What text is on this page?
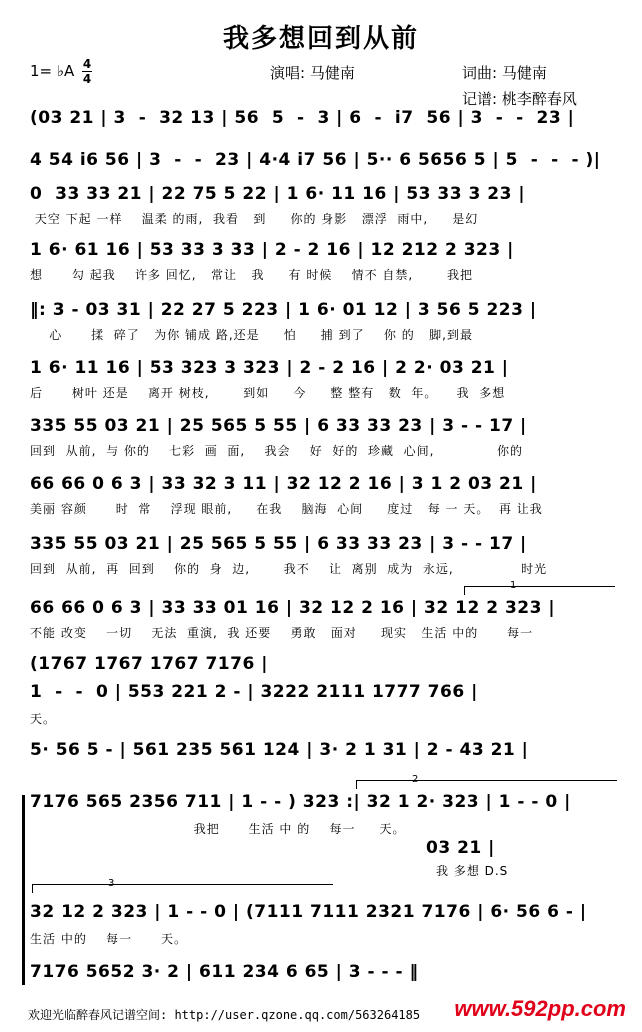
我多想回到从前
1= ♭A 4
4	演唱: 马健南	词曲: 马健南
记谱: 桃李醉春风
(03 21 | 3  -  32 13 | 56  5  -  3 | 6  -  i7  56 | 3  -  -  23 |
4 54 i6 56 | 3  -  -  23 | 4·4 i7 56 | 5·· 6 5656 5 | 5  -  -  - )|
0  33 33 21 | 22 75 5 22 | 1 6· 11 16 | 53 33 3 23 |
天空 下起 一样    温柔 的雨,  我看   到     你的 身影   漂浮  雨中,     是幻
1 6· 61 16 | 53 33 3 33 | 2 - 2 16 | 12 212 2 323 |
想      勾 起我    许多 回忆,   常让   我     有 时候    情不 自禁,       我把
‖: 3 - 03 31 | 22 27 5 223 | 1 6· 01 12 | 3 56 5 223 |
心      揉  碎了   为你 铺成 路,还是     怕     捕 到了    你 的   脚,到最
1 6· 11 16 | 53 323 3 323 | 2 - 2 16 | 2 2· 03 21 |
后      树叶 还是    离开 树枝,       到如     今     整 整有   数  年。    我  多想
335 55 03 21 | 25 565 5 55 | 6 33 33 23 | 3 - - 17 |
回到  从前,  与 你的    七彩  画  面,    我会    好  好的  珍藏  心间,             你的
66 66 0 6 3 | 33 32 3 11 | 32 12 2 16 | 3 1 2 03 21 |
美丽 容颜      时  常    浮现 眼前,     在我    脑海  心间     度过   每 一 天。  再 让我
335 55 03 21 | 25 565 5 55 | 6 33 33 23 | 3 - - 17 |
回到  从前,  再  回到    你的  身  边,       我不    让  离别  成为  永远,              时光
1
66 66 0 6 3 | 33 33 01 16 | 32 12 2 16 | 32 12 2 323 |
不能 改变    一切    无法  重演,  我 还要    勇敢   面对     现实   生活 中的      每一
(1767 1767 1767 7176 |
1  -  -  0 | 553 221 2 - | 3222 2111 1777 766 |
天。
5· 56 5 - | 561 235 561 124 | 3· 2 1 31 | 2 - 43 21 |
2
7176 565 2356 711 | 1 - - ) 323 :| 32 1 2· 323 | 1 - - 0 |
我把      生活 中 的    每一     天。
03 21 |
我 多想 D.S
3
32 12 2 323 | 1 - - 0 | (7111 7111 2321 7176 | 6· 56 6 - |
生活 中的    每一      天。
7176 5652 3· 2 | 611 234 6 65 | 3 - - - ‖
欢迎光临醉春风记谱空间: http://user.qzone.qq.com/563264185 www.592pp.com
